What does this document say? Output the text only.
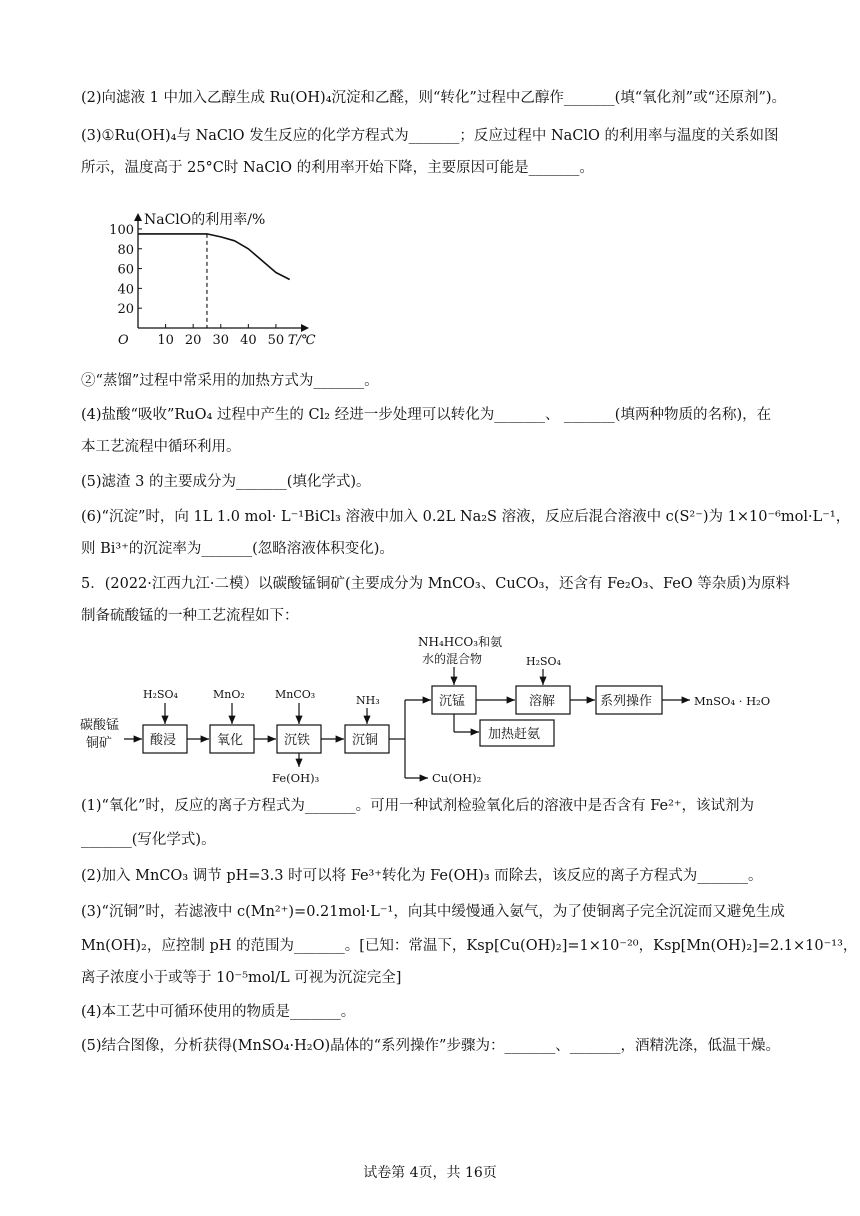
(2)向滤液 1 中加入乙醇生成 Ru(OH)₄沉淀和乙醛，则“转化”过程中乙醇作_______(填“氧化剂”或“还原剂”)。
(3)①Ru(OH)₄与 NaClO 发生反应的化学方程式为_______；反应过程中 NaClO 的利用率与温度的关系如图
所示，温度高于 25°C时 NaClO 的利用率开始下降，主要原因可能是_______。
20
40
60
80
100
10 20 30 40 50
O
NaClO的利用率/%
T/℃
②“蒸馏”过程中常采用的加热方式为_______。
(4)盐酸“吸收”RuO₄ 过程中产生的 Cl₂ 经进一步处理可以转化为_______、 _______(填两种物质的名称)，在
本工艺流程中循环利用。
(5)滤渣 3 的主要成分为_______(填化学式)。
(6)“沉淀”时，向 1L 1.0 mol· L⁻¹BiCl₃ 溶液中加入 0.2L Na₂S 溶液，反应后混合溶液中 c(S²⁻)为 1×10⁻⁶mol·L⁻¹，
则 Bi³⁺的沉淀率为_______(忽略溶液体积变化)。
5．(2022·江西九江·二模）以碳酸锰铜矿(主要成分为 MnCO₃、CuCO₃，还含有 Fe₂O₃、FeO 等杂质)为原料
制备硫酸锰的一种工艺流程如下：
碳酸锰
铜矿	酸浸	氧化	沉铁	沉铜
Cu(OH)₂
沉锰
加热赶氨
溶解	系列操作	MnSO₄ · H₂O
H₂SO₄	MnO₂	MnCO₃
Fe(OH)₃
NH₃
NH₄HCO₃和氨
水的混合物	H₂SO₄
(1)“氧化”时，反应的离子方程式为_______。可用一种试剂检验氧化后的溶液中是否含有 Fe²⁺，该试剂为
_______(写化学式)。
(2)加入 MnCO₃ 调节 pH=3.3 时可以将 Fe³⁺转化为 Fe(OH)₃ 而除去，该反应的离子方程式为_______。
(3)“沉铜”时，若滤液中 c(Mn²⁺)=0.21mol·L⁻¹，向其中缓慢通入氨气，为了使铜离子完全沉淀而又避免生成
Mn(OH)₂，应控制 pH 的范围为_______。[已知：常温下，Ksp[Cu(OH)₂]=1×10⁻²⁰，Ksp[Mn(OH)₂]=2.1×10⁻¹³，
离子浓度小于或等于 10⁻⁵mol/L 可视为沉淀完全]
(4)本工艺中可循环使用的物质是_______。
(5)结合图像，分析获得(MnSO₄·H₂O)晶体的“系列操作”步骤为：_______、_______，酒精洗涤，低温干燥。
试卷第 4页，共 16页
